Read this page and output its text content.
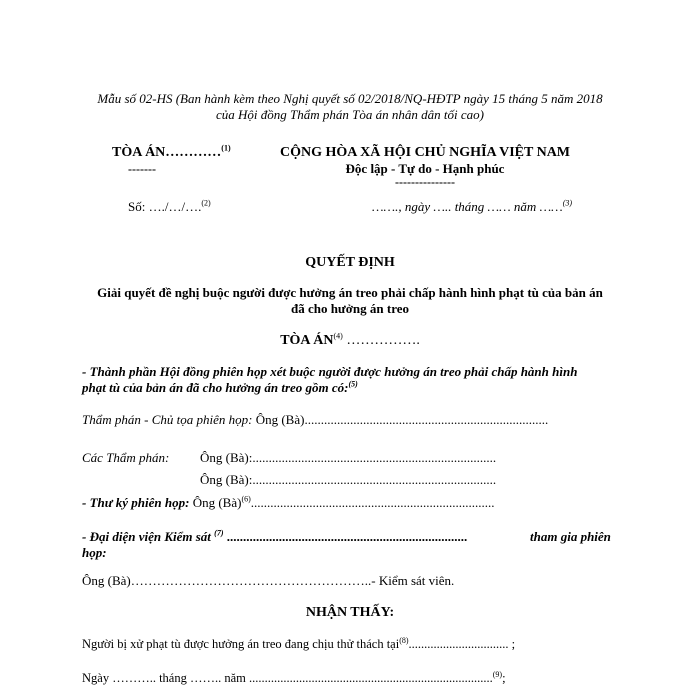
Mẫu số 02-HS (Ban hành kèm theo Nghị quyết số 02/2018/NQ-HĐTP ngày 15 tháng 5 năm 2018
của Hội đồng Thẩm phán Tòa án nhân dân tối cao)
TÒA ÁN…………$^{(1)}$
-------
CỘNG HÒA XÃ HỘI CHỦ NGHĨA VIỆT NAM
Độc lập - Tự do - Hạnh phúc
---------------
Số: …./…/….$^{(2)}$	……., ngày ….. tháng …… năm ……$^{(3)}$
QUYẾT ĐỊNH
Giải quyết đề nghị buộc người được hưởng án treo phải chấp hành hình phạt tù của bản án
đã cho hưởng án treo
TÒA ÁN$^{(4)}$ …………….
- Thành phần Hội đồng phiên họp xét buộc người được hưởng án treo phải chấp hành hình
phạt tù của bản án đã cho hưởng án treo gồm có:$^{(5)}$
Thẩm phán - Chủ tọa phiên họp: Ông (Bà)...........................................................................
Các Thẩm phán: Ông (Bà):...........................................................................
Ông (Bà):...........................................................................
- Thư ký phiên họp: Ông (Bà)$^{(6)}$...........................................................................
- Đại diện viện Kiểm sát $^{(7)}$ ..........................................................................	tham gia phiên
họp:
Ông (Bà)………………………………………………..- Kiểm sát viên.
NHẬN THẤY:
Người bị xử phạt tù được hưởng án treo đang chịu thử thách tại$^{(8)}$................................ ;
Ngày ……….. tháng …….. năm ..............................................................................$^{(9)}$;
